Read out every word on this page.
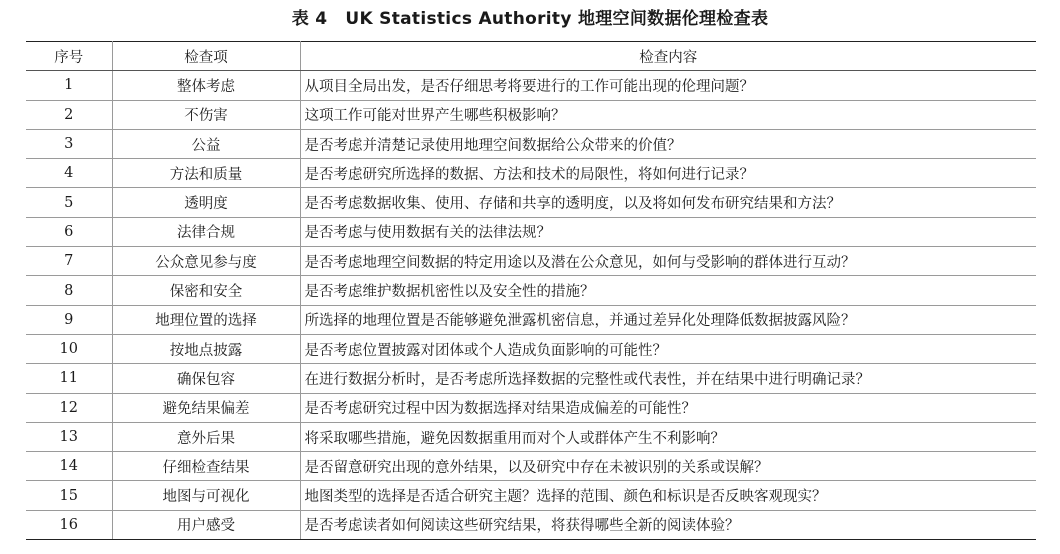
表 4 UK Statistics Authority 地理空间数据伦理检查表
序号	检查项	检查内容
1	整体考虑	从项目全局出发，是否仔细思考将要进行的工作可能出现的伦理问题？
2	不伤害	这项工作可能对世界产生哪些积极影响？
3	公益	是否考虑并清楚记录使用地理空间数据给公众带来的价值？
4	方法和质量	是否考虑研究所选择的数据、方法和技术的局限性，将如何进行记录？
5	透明度	是否考虑数据收集、使用、存储和共享的透明度，以及将如何发布研究结果和方法？
6	法律合规	是否考虑与使用数据有关的法律法规？
7	公众意见参与度	是否考虑地理空间数据的特定用途以及潜在公众意见，如何与受影响的群体进行互动？
8	保密和安全	是否考虑维护数据机密性以及安全性的措施？
9	地理位置的选择	所选择的地理位置是否能够避免泄露机密信息，并通过差异化处理降低数据披露风险？
10	按地点披露	是否考虑位置披露对团体或个人造成负面影响的可能性？
11	确保包容	在进行数据分析时，是否考虑所选择数据的完整性或代表性，并在结果中进行明确记录？
12	避免结果偏差	是否考虑研究过程中因为数据选择对结果造成偏差的可能性？
13	意外后果	将采取哪些措施，避免因数据重用而对个人或群体产生不利影响？
14	仔细检查结果	是否留意研究出现的意外结果，以及研究中存在未被识别的关系或误解？
15	地图与可视化	地图类型的选择是否适合研究主题？选择的范围、颜色和标识是否反映客观现实？
16	用户感受	是否考虑读者如何阅读这些研究结果，将获得哪些全新的阅读体验？
